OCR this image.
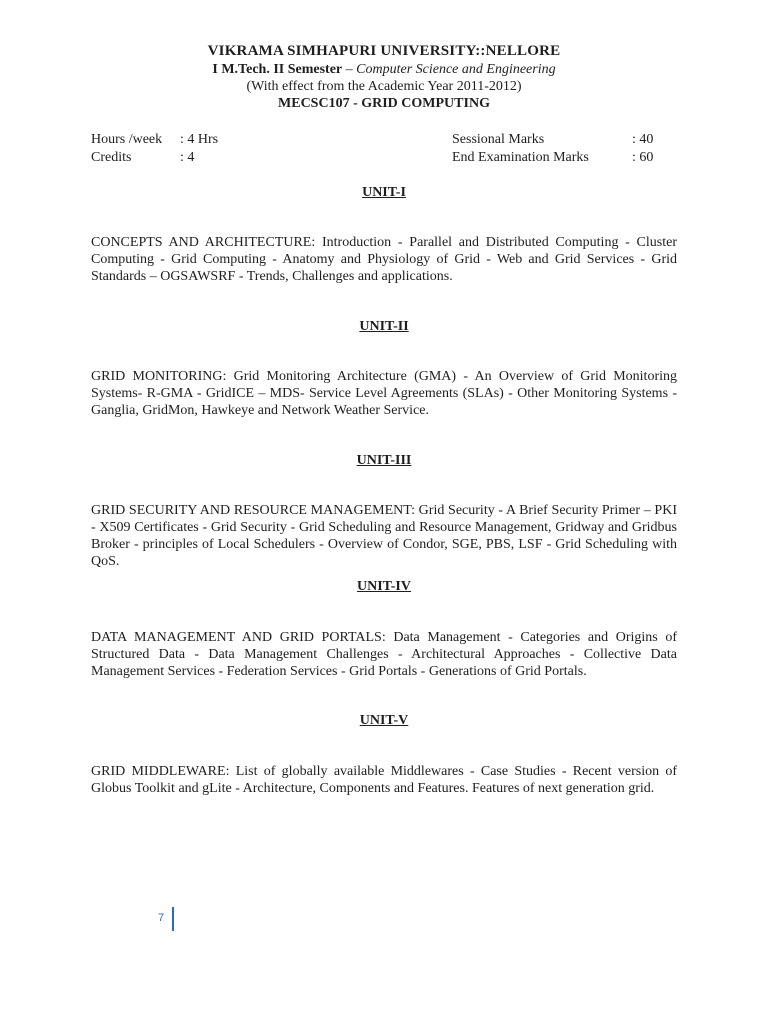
VIKRAMA SIMHAPURI UNIVERSITY::NELLORE
I M.Tech. II Semester – Computer Science and Engineering
(With effect from the Academic Year 2011-2012)
MECSC107 - GRID COMPUTING
Hours /week : 4 Hrs
Credits	: 4
Sessional Marks	: 40
End Examination Marks	: 60
UNIT-I
CONCEPTS AND ARCHITECTURE: Introduction - Parallel and Distributed Computing - Cluster Computing - Grid Computing - Anatomy and Physiology of Grid - Web and Grid Services - Grid Standards – OGSAWSRF - Trends, Challenges and applications.
UNIT-II
GRID MONITORING: Grid Monitoring Architecture (GMA) - An Overview of Grid Monitoring Systems- R-GMA - GridICE – MDS- Service Level Agreements (SLAs) - Other Monitoring Systems - Ganglia, GridMon, Hawkeye and Network Weather Service.
UNIT-III
GRID SECURITY AND RESOURCE MANAGEMENT: Grid Security - A Brief Security Primer – PKI - X509 Certificates - Grid Security - Grid Scheduling and Resource Management, Gridway and Gridbus Broker - principles of Local Schedulers - Overview of Condor, SGE, PBS, LSF - Grid Scheduling with QoS.
UNIT-IV
DATA MANAGEMENT AND GRID PORTALS: Data Management - Categories and Origins of Structured Data - Data Management Challenges - Architectural Approaches - Collective Data Management Services - Federation Services - Grid Portals - Generations of Grid Portals.
UNIT-V
GRID MIDDLEWARE: List of globally available Middlewares - Case Studies - Recent version of Globus Toolkit and gLite - Architecture, Components and Features. Features of next generation grid.
7
